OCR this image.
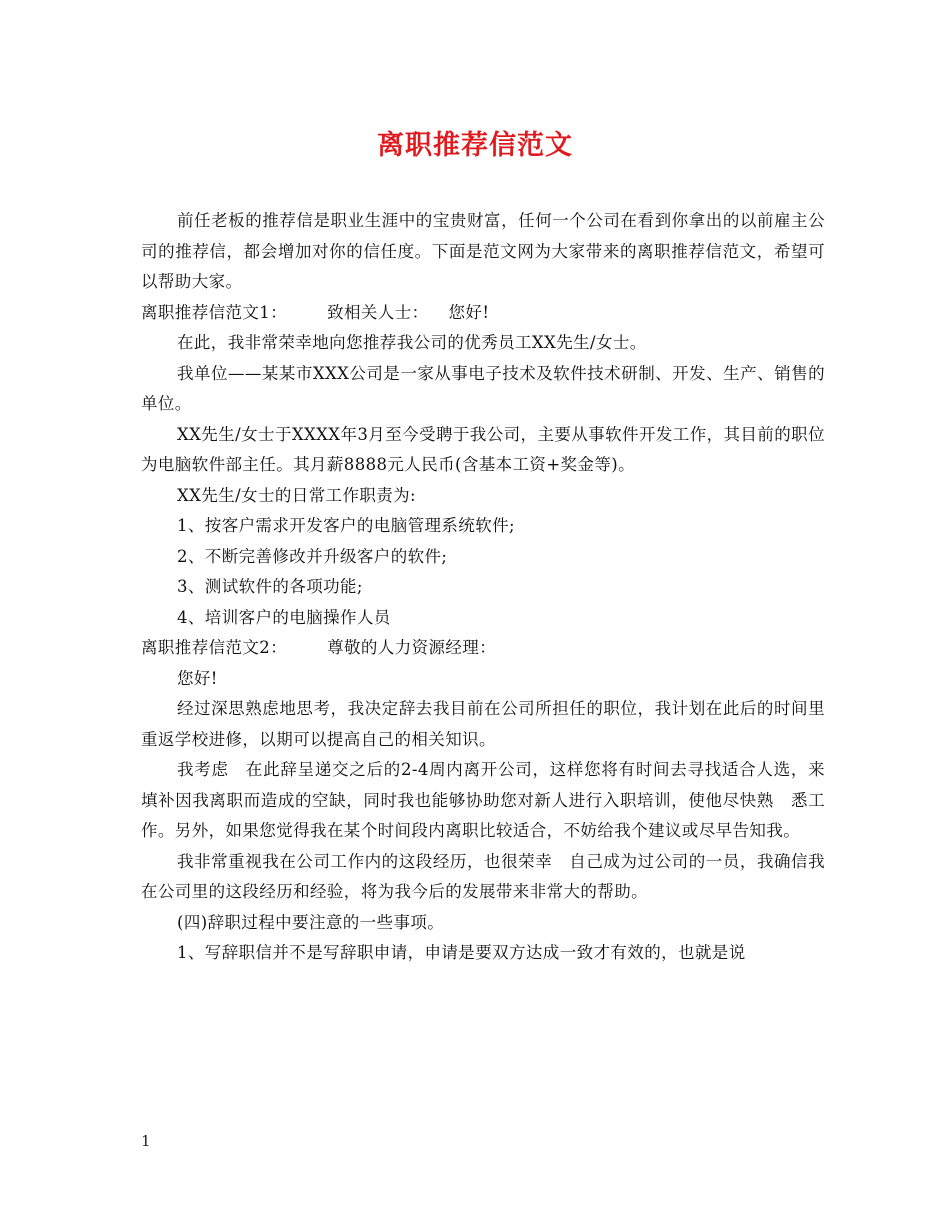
离职推荐信范文

前任老板的推荐信是职业生涯中的宝贵财富，任何一个公司在看到你拿出的以前雇主公司的推荐信，都会增加对你的信任度。下面是范文网为大家带来的离职推荐信范文，希望可以帮助大家。

离职推荐信范文1： 致相关人士： 您好!

在此，我非常荣幸地向您推荐我公司的优秀员工XX先生/女士。

我单位——某某市XXX公司是一家从事电子技术及软件技术研制、开发、生产、销售的单位。

XX先生/女士于XXXX年3月至今受聘于我公司，主要从事软件开发工作，其目前的职位为电脑软件部主任。其月薪8888元人民币(含基本工资+奖金等)。

XX先生/女士的日常工作职责为:

1、按客户需求开发客户的电脑管理系统软件;

2、不断完善修改并升级客户的软件;

3、测试软件的各项功能;

4、培训客户的电脑操作人员

离职推荐信范文2： 尊敬的人力资源经理：

您好!

经过深思熟虑地思考，我决定辞去我目前在公司所担任的职位，我计划在此后的时间里重返学校进修，以期可以提高自己的相关知识。

我考虑　在此辞呈递交之后的2-4周内离开公司，这样您将有时间去寻找适合人选，来填补因我离职而造成的空缺，同时我也能够协助您对新人进行入职培训，使他尽快熟　悉工作。另外，如果您觉得我在某个时间段内离职比较适合，不妨给我个建议或尽早告知我。

我非常重视我在公司工作内的这段经历，也很荣幸　自己成为过公司的一员，我确信我在公司里的这段经历和经验，将为我今后的发展带来非常大的帮助。

(四)辞职过程中要注意的一些事项。

1、写辞职信并不是写辞职申请，申请是要双方达成一致才有效的，也就是说

1
